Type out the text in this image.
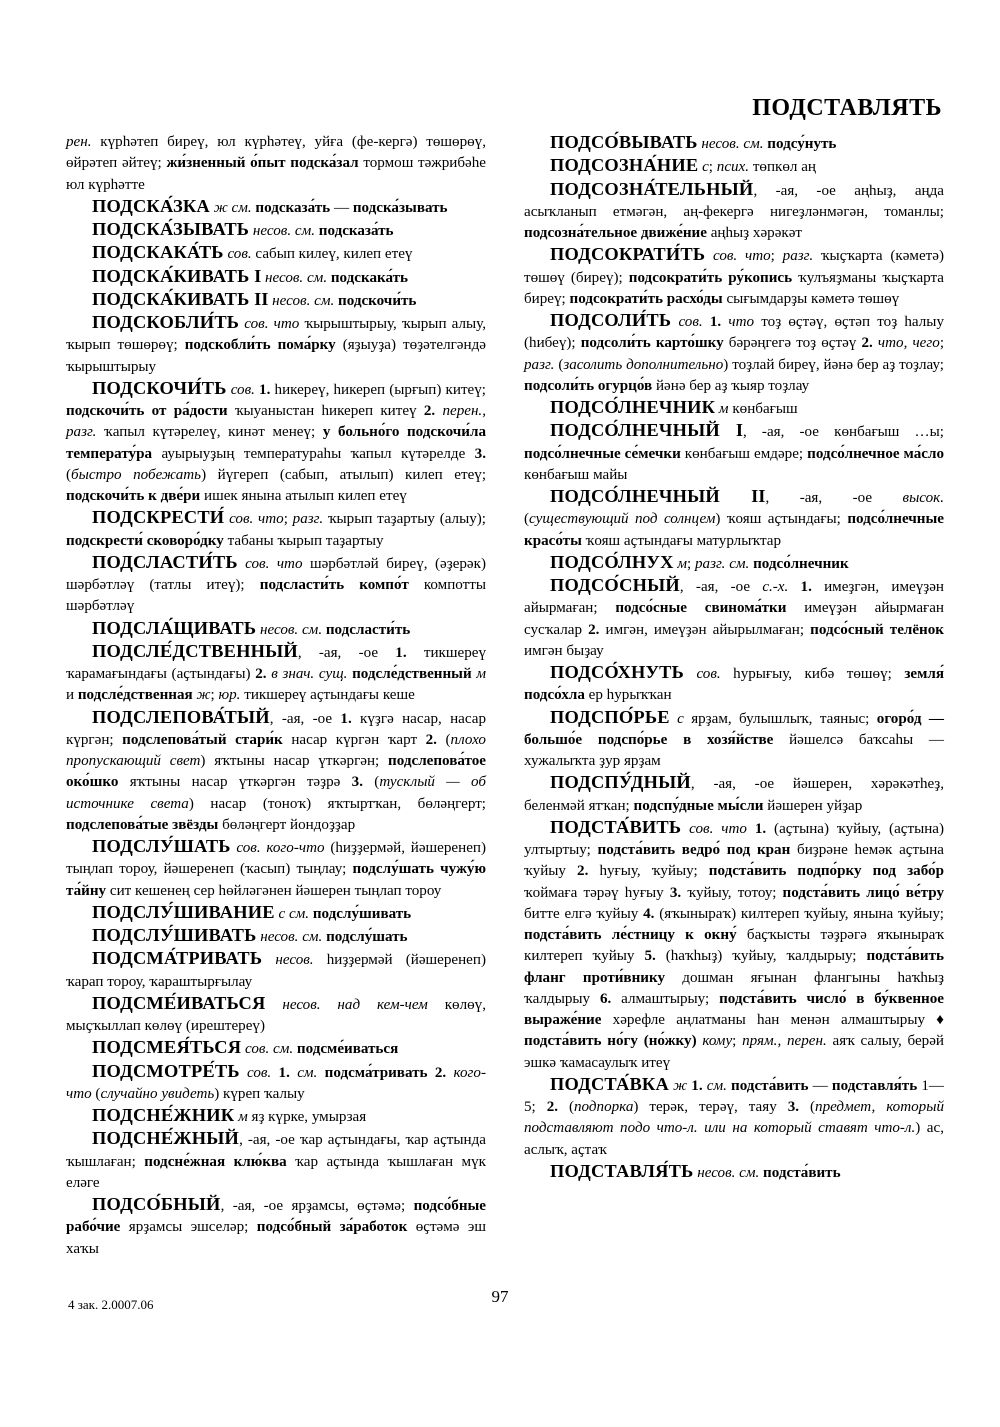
ПОДСТАВЛЯТЬ

рен. күрһәтеп биреү, юл күрһәтеү, уйға (фе-кергә) төшөрөү, өйрәтеп әйтеү; жи́зненный о́пыт подска́зал тормош тәжрибәһе юл күрһәтте

ПОДСКА́ЗКА ж см. подсказа́ть — подска́зывать

ПОДСКА́ЗЫВАТЬ несов. см. подсказа́ть

ПОДСКАКА́ТЬ сов. сабып килеү, килеп етеү

ПОДСКА́КИВАТЬ I несов. см. подскака́ть

ПОДСКА́КИВАТЬ II несов. см. подскочи́ть

ПОДСКОБЛИ́ТЬ сов. что ҡырыштырыу, ҡырып алыу, ҡырып төшөрөү; подскобли́ть пома́рку (яҙыуҙа) төҙәтелгәндә ҡырыштырыу

ПОДСКОЧИ́ТЬ сов. 1. һикереү, һикереп (ырғып) китеү; подскочи́ть от ра́дости ҡыуаныстан һикереп китеү 2. перен., разг. ҡапыл күтәрелеү, кинәт менеү; у больно́го подскочи́ла температу́ра ауырыуҙың температураһы ҡапыл күтәрелде 3. (быстро побежать) йүгереп (сабып, атылып) килеп етеү; подскочи́ть к две́ри ишек янына атылып килеп етеү

ПОДСКРЕСТИ́ сов. что; разг. ҡырып таҙартыу (алыу); подскрести́ сковоро́дку табаны ҡырып таҙартыу

ПОДСЛАСТИ́ТЬ сов. что шәрбәтләй биреү, (әҙерәк) шәрбәтләү (татлы итеү); подсласти́ть компо́т компотты шәрбәтләү

ПОДСЛА́ЩИВАТЬ несов. см. подсласти́ть

ПОДСЛЕ́ДСТВЕННЫЙ, -ая, -ое 1. тикшереү ҡарамағындағы (аҫтындағы) 2. в знач. сущ. подсле́дственный м и подсле́дственная ж; юр. тикшереү аҫтындағы кеше

ПОДСЛЕПОВА́ТЫЙ, -ая, -ое 1. күҙгә насар, насар күргән; подслепова́тый стари́к насар күргән ҡарт 2. (плохо пропускающий свет) яҡтыны насар үткәргән; подслепова́тое око́шко яҡтыны насар үткәргән тәҙрә 3. (тусклый — об источнике света) насар (тоноҡ) яҡтыртҡан, бөләңгерт; подслепова́тые звёзды бөләңгерт йондоҙҙар

ПОДСЛУ́ШАТЬ сов. кого-что (һиҙҙермәй, йәшеренеп) тыңлап тороу, йәшеренеп (ҡасып) тыңлау; подслу́шать чужу́ю та́йну сит кешенең сер һөйләгәнен йәшерен тыңлап тороу

ПОДСЛУ́ШИВАНИЕ с см. подслу́шивать

ПОДСЛУ́ШИВАТЬ несов. см. подслу́шать

ПОДСМА́ТРИВАТЬ несов. һиҙҙермәй (йәшеренеп) ҡарап тороу, ҡараштырғылау

ПОДСМЕ́ИВАТЬСЯ несов. над кем-чем көлөү, мыҫҡыллап көлөү (ирештереү)

ПОДСМЕЯ́ТЬСЯ сов. см. подсме́иваться

ПОДСМОТРЕ́ТЬ сов. 1. см. подсма́тривать 2. кого-что (случайно увидеть) күреп ҡалыу

ПОДСНЕ́ЖНИК м яҙ күрке, умырзая

ПОДСНЕ́ЖНЫЙ, -ая, -ое ҡар аҫтындағы, ҡар аҫтында ҡышлаған; подсне́жная клю́ква ҡар аҫтында ҡышлаған мүк еләге

ПОДСО́БНЫЙ, -ая, -ое ярҙамсы, өҫтәмә; подсо́бные рабо́чие ярҙамсы эшселәр; подсо́бный за́работок өҫтәмә эш хаҡы

ПОДСО́ВЫВАТЬ несов. см. подсу́нуть

ПОДСОЗНА́НИЕ с; псих. төпкөл аң

ПОДСОЗНА́ТЕЛЬНЫЙ, -ая, -ое аңһыҙ, аңда асыҡланып етмәгән, аң-фекергә нигеҙләнмәгән, томанлы; подсозна́тельное движе́ние аңһыҙ хәрәкәт

ПОДСОКРАТИ́ТЬ сов. что; разг. ҡыҫҡарта (кәметә) төшөү (биреү); подсократи́ть ру́копись ҡулъяҙманы ҡыҫҡарта биреү; подсократи́ть расхо́ды сығымдарҙы кәметә төшөү

ПОДСОЛИ́ТЬ сов. 1. что тоҙ өҫтәү, өҫтәп тоҙ һалыу (һибеү); подсоли́ть карто́шку бәрәңгегә тоҙ өҫтәү 2. что, чего; разг. (засолить дополнительно) тоҙлай биреү, йәнә бер аҙ тоҙлау; подсоли́ть огурцо́в йәнә бер аҙ ҡыяр тоҙлау

ПОДСО́ЛНЕЧНИК м көнбағыш

ПОДСО́ЛНЕЧНЫЙ I, -ая, -ое көнбағыш …ы; подсо́лнечные се́мечки көнбағыш емдәре; подсо́лнечное ма́сло көнбағыш майы

ПОДСО́ЛНЕЧНЫЙ II, -ая, -ое высок. (существующий под солнцем) ҡояш аҫтындағы; подсо́лнечные красо́ты ҡояш аҫтындағы матурлыҡтар

ПОДСО́ЛНУХ м; разг. см. подсо́лнечник

ПОДСО́СНЫЙ, -ая, -ое с.-х. 1. имеҙгән, имеүҙән айырмаған; подсо́сные свинома́тки имеүҙән айырмаған сусҡалар 2. имгән, имеүҙән айырылмаған; подсо́сный телёнок имгән быҙау

ПОДСО́ХНУТЬ сов. һурығыу, кибә төшөү; земля́ подсо́хла ер һурыҡҡан

ПОДСПО́РЬЕ с ярҙам, булышлыҡ, таяныс; огоро́д — большо́е подспо́рье в хозя́йстве йәшелсә баҡсаһы — хужалыҡта ҙур ярҙам

ПОДСПУ́ДНЫЙ, -ая, -ое йәшерен, хәрәкәтһеҙ, беленмәй ятҡан; подспу́дные мы́сли йәшерен уйҙар

ПОДСТА́ВИТЬ сов. что 1. (аҫтына) ҡуйыу, (аҫтына) ултыртыу; подста́вить ведро́ под кран биҙрәне һемәк аҫтына ҡуйыу 2. һуғыу, ҡуйыу; подста́вить подпо́рку под забо́р ҡоймаға тәрәү һуғыу 3. ҡуйыу, тотоу; подста́вить лицо́ ве́тру битте елгә ҡуйыу 4. (яҡыныраҡ) килтереп ҡуйыу, янына ҡуйыу; подста́вить ле́стницу к окну́ баҫҡысты тәҙрәгә яҡыныраҡ килтереп ҡуйыу 5. (һаҡһыҙ) ҡуйыу, ҡалдырыу; подста́вить фланг проти́внику дошман яғынан флангыны һаҡһыҙ ҡалдырыу 6. алмаштырыу; подста́вить число́ в бу́квенное выраже́ние хәрефле аңлатманы һан менән алмаштырыу ♦ подста́вить но́гу (но́жку) кому; прям., перен. аяҡ салыу, берәй эшкә ҡамасаулыҡ итеү

ПОДСТА́ВКА ж 1. см. подста́вить — подставля́ть 1—5; 2. (подпорка) терәк, терәү, таяу 3. (предмет, который подставляют подо что-л. или на который ставят что-л.) ас, аслыҡ, аҫтаҡ

ПОДСТАВЛЯ́ТЬ несов. см. подста́вить

97
4 зак. 2.0007.06
